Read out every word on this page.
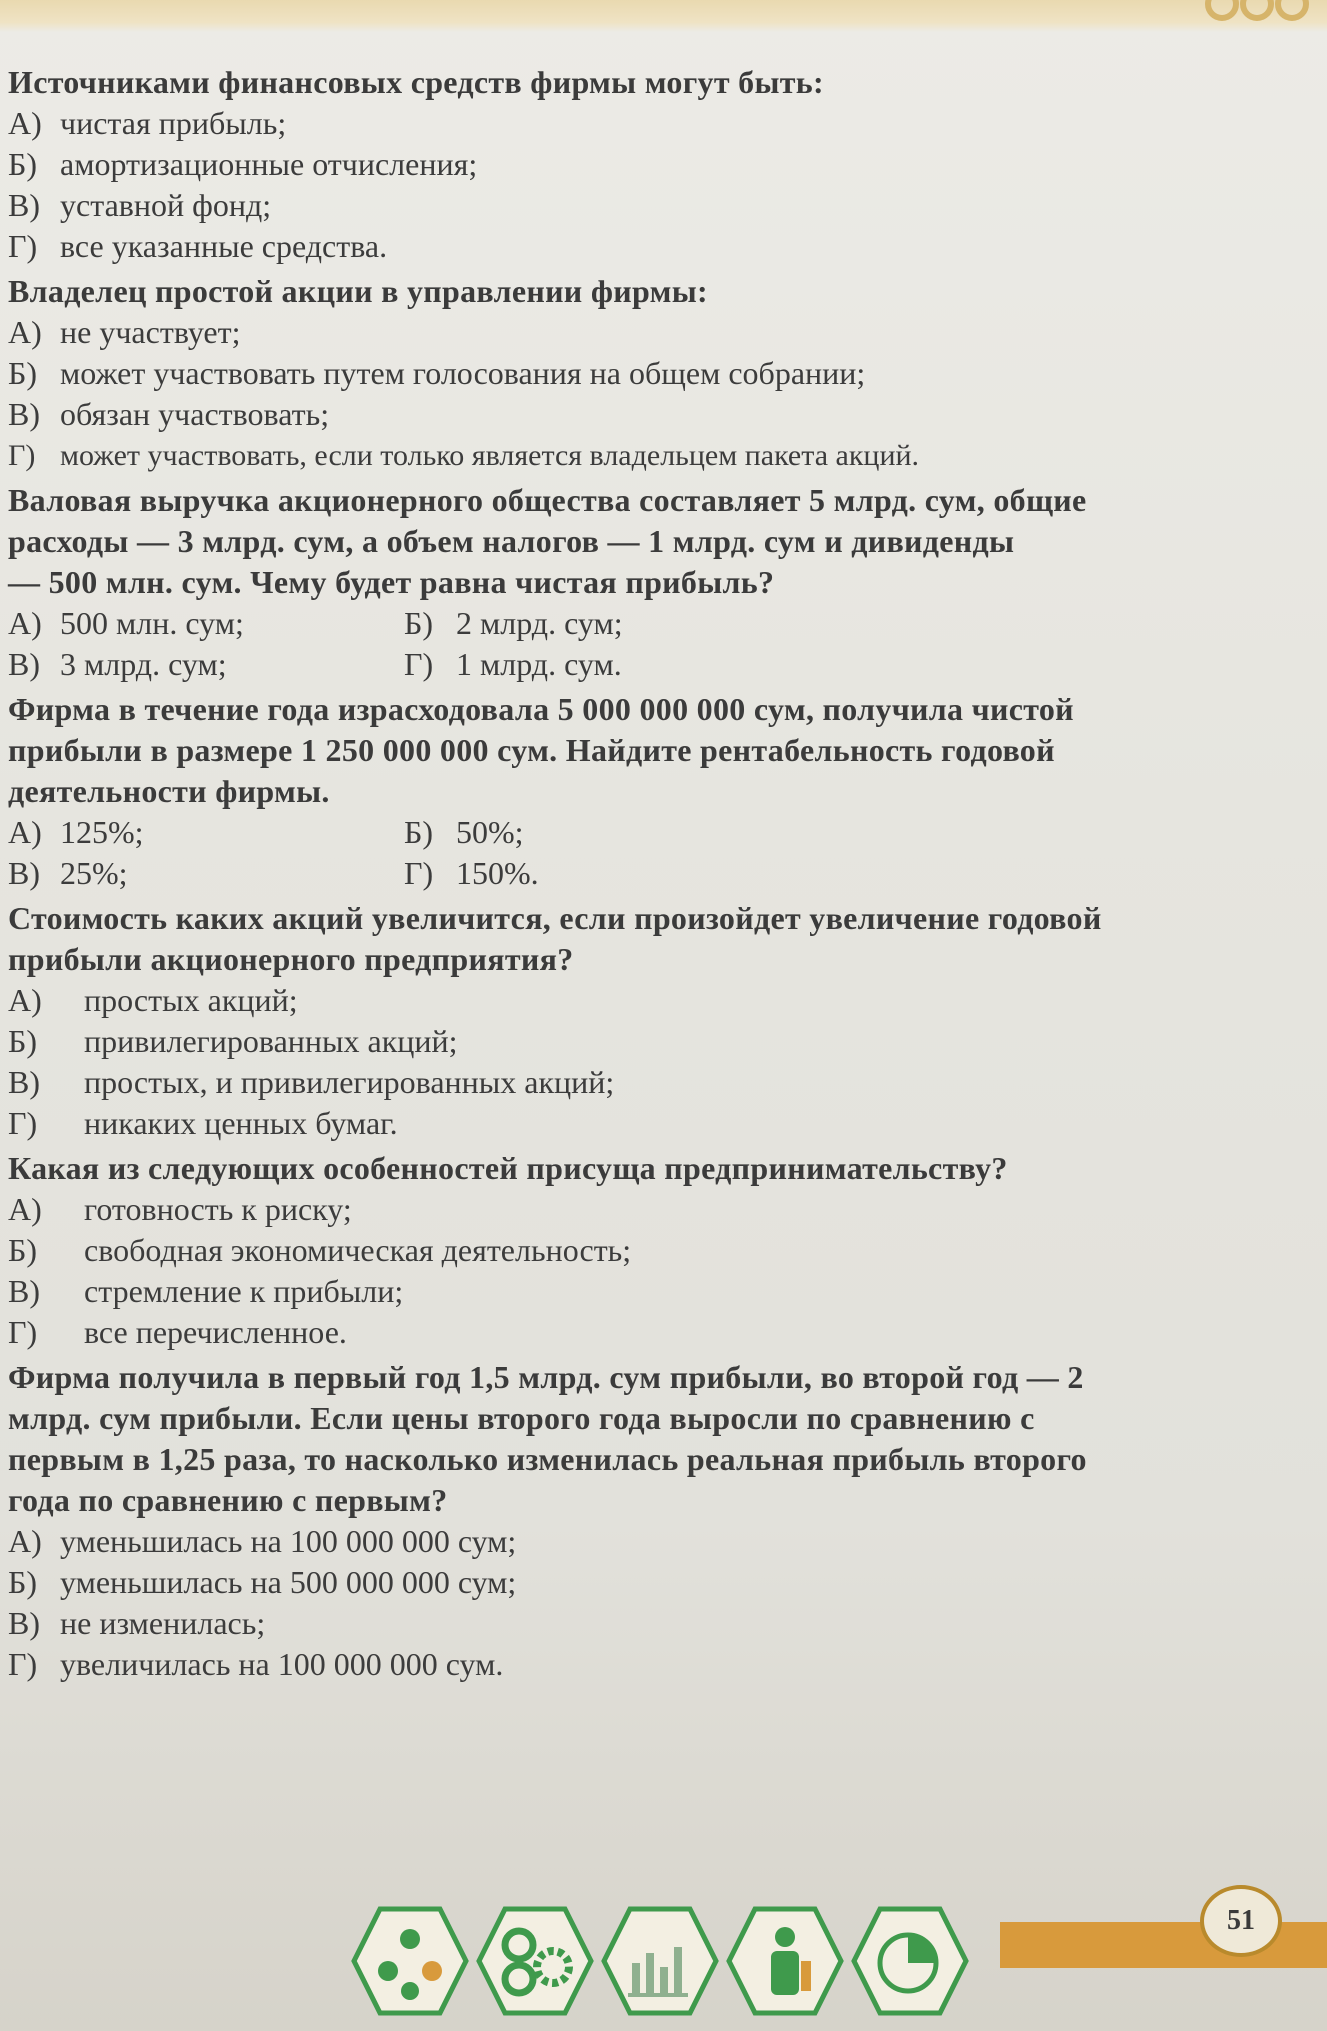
Источниками финансовых средств фирмы могут быть:
А) чистая прибыль;
Б) амортизационные отчисления;
В) уставной фонд;
Г) все указанные средства.
Владелец простой акции в управлении фирмы:
А) не участвует;
Б) может участвовать путем голосования на общем собрании;
В) обязан участвовать;
Г) может участвовать, если только является владельцем пакета акций.
Валовая выручка акционерного общества составляет 5 млрд. сум, общие
расходы — 3 млрд. сум, а объем налогов — 1 млрд. сум и дивиденды
— 500 млн. сум. Чему будет равна чистая прибыль?
А) 500 млн. сум;	Б) 2 млрд. сум;
В) 3 млрд. сум;	Г) 1 млрд. сум.
Фирма в течение года израсходовала 5 000 000 000 сум, получила чистой
прибыли в размере 1 250 000 000 сум. Найдите рентабельность годовой
деятельности фирмы.
А) 125%;	Б) 50%;
В) 25%;	Г) 150%.
Стоимость каких акций увеличится, если произойдет увеличение годовой
прибыли акционерного предприятия?
А) простых акций;
Б) привилегированных акций;
В) простых, и привилегированных акций;
Г) никаких ценных бумаг.
Какая из следующих особенностей присуща предпринимательству?
А) готовность к риску;
Б) свободная экономическая деятельность;
В) стремление к прибыли;
Г) все перечисленное.
Фирма получила в первый год 1,5 млрд. сум прибыли, во второй год — 2
млрд. сум прибыли. Если цены второго года выросли по сравнению с
первым в 1,25 раза, то насколько изменилась реальная прибыль второго
года по сравнению с первым?
А) уменьшилась на 100 000 000 сум;
Б) уменьшилась на 500 000 000 сум;
В) не изменилась;
Г) увеличилась на 100 000 000 сум.
51
